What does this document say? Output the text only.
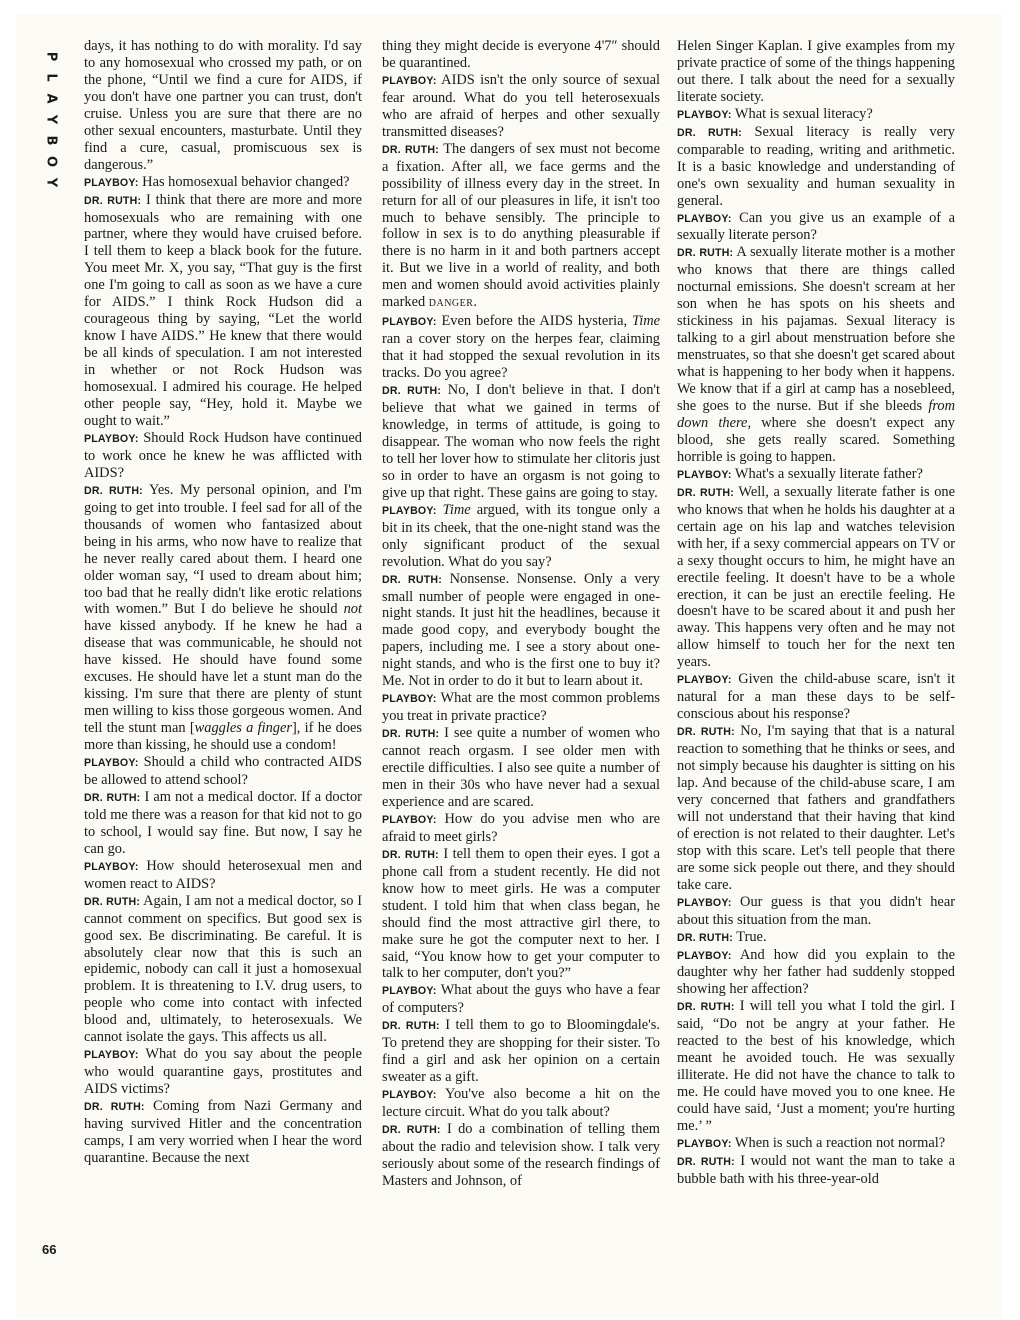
P
L
A
Y
B
O
Y

days, it has nothing to do with morality. I'd say to any homosexual who crossed my path, or on the phone, “Until we find a cure for AIDS, if you don't have one partner you can trust, don't cruise. Unless you are sure that there are no other sexual encounters, masturbate. Until they find a cure, casual, promiscuous sex is dangerous.”

PLAYBOY: Has homosexual behavior changed?

DR. RUTH: I think that there are more and more homosexuals who are remaining with one partner, where they would have cruised before. I tell them to keep a black book for the future. You meet Mr. X, you say, “That guy is the first one I'm going to call as soon as we have a cure for AIDS.” I think Rock Hudson did a courageous thing by saying, “Let the world know I have AIDS.” He knew that there would be all kinds of speculation. I am not interested in whether or not Rock Hudson was homosexual. I admired his courage. He helped other people say, “Hey, hold it. Maybe we ought to wait.”

PLAYBOY: Should Rock Hudson have continued to work once he knew he was afflicted with AIDS?

DR. RUTH: Yes. My personal opinion, and I'm going to get into trouble. I feel sad for all of the thousands of women who fantasized about being in his arms, who now have to realize that he never really cared about them. I heard one older woman say, “I used to dream about him; too bad that he really didn't like erotic relations with women.” But I do believe he should not have kissed anybody. If he knew he had a disease that was communicable, he should not have kissed. He should have found some excuses. He should have let a stunt man do the kissing. I'm sure that there are plenty of stunt men willing to kiss those gorgeous women. And tell the stunt man [waggles a finger], if he does more than kissing, he should use a condom!

PLAYBOY: Should a child who contracted AIDS be allowed to attend school?

DR. RUTH: I am not a medical doctor. If a doctor told me there was a reason for that kid not to go to school, I would say fine. But now, I say he can go.

PLAYBOY: How should heterosexual men and women react to AIDS?

DR. RUTH: Again, I am not a medical doctor, so I cannot comment on specifics. But good sex is good sex. Be discriminating. Be careful. It is absolutely clear now that this is such an epidemic, nobody can call it just a homosexual problem. It is threatening to I.V. drug users, to people who come into contact with infected blood and, ultimately, to heterosexuals. We cannot isolate the gays. This affects us all.

PLAYBOY: What do you say about the people who would quarantine gays, prostitutes and AIDS victims?

DR. RUTH: Coming from Nazi Germany and having survived Hitler and the concentration camps, I am very worried when I hear the word quarantine. Because the next

thing they might decide is everyone 4'7″ should be quarantined.

PLAYBOY: AIDS isn't the only source of sexual fear around. What do you tell heterosexuals who are afraid of herpes and other sexually transmitted diseases?

DR. RUTH: The dangers of sex must not become a fixation. After all, we face germs and the possibility of illness every day in the street. In return for all of our pleasures in life, it isn't too much to behave sensibly. The principle to follow in sex is to do anything pleasurable if there is no harm in it and both partners accept it. But we live in a world of reality, and both men and women should avoid activities plainly marked DANGER.

PLAYBOY: Even before the AIDS hysteria, Time ran a cover story on the herpes fear, claiming that it had stopped the sexual revolution in its tracks. Do you agree?

DR. RUTH: No, I don't believe in that. I don't believe that what we gained in terms of knowledge, in terms of attitude, is going to disappear. The woman who now feels the right to tell her lover how to stimulate her clitoris just so in order to have an orgasm is not going to give up that right. These gains are going to stay.

PLAYBOY: Time argued, with its tongue only a bit in its cheek, that the one-night stand was the only significant product of the sexual revolution. What do you say?

DR. RUTH: Nonsense. Nonsense. Only a very small number of people were engaged in one-night stands. It just hit the headlines, because it made good copy, and everybody bought the papers, including me. I see a story about one-night stands, and who is the first one to buy it? Me. Not in order to do it but to learn about it.

PLAYBOY: What are the most common problems you treat in private practice?

DR. RUTH: I see quite a number of women who cannot reach orgasm. I see older men with erectile difficulties. I also see quite a number of men in their 30s who have never had a sexual experience and are scared.

PLAYBOY: How do you advise men who are afraid to meet girls?

DR. RUTH: I tell them to open their eyes. I got a phone call from a student recently. He did not know how to meet girls. He was a computer student. I told him that when class began, he should find the most attractive girl there, to make sure he got the computer next to her. I said, “You know how to get your computer to talk to her computer, don't you?”

PLAYBOY: What about the guys who have a fear of computers?

DR. RUTH: I tell them to go to Bloomingdale's. To pretend they are shopping for their sister. To find a girl and ask her opinion on a certain sweater as a gift.

PLAYBOY: You've also become a hit on the lecture circuit. What do you talk about?

DR. RUTH: I do a combination of telling them about the radio and television show. I talk very seriously about some of the research findings of Masters and Johnson, of

Helen Singer Kaplan. I give examples from my private practice of some of the things happening out there. I talk about the need for a sexually literate society.

PLAYBOY: What is sexual literacy?

DR. RUTH: Sexual literacy is really very comparable to reading, writing and arithmetic. It is a basic knowledge and understanding of one's own sexuality and human sexuality in general.

PLAYBOY: Can you give us an example of a sexually literate person?

DR. RUTH: A sexually literate mother is a mother who knows that there are things called nocturnal emissions. She doesn't scream at her son when he has spots on his sheets and stickiness in his pajamas. Sexual literacy is talking to a girl about menstruation before she menstruates, so that she doesn't get scared about what is happening to her body when it happens. We know that if a girl at camp has a nosebleed, she goes to the nurse. But if she bleeds from down there, where she doesn't expect any blood, she gets really scared. Something horrible is going to happen.

PLAYBOY: What's a sexually literate father?

DR. RUTH: Well, a sexually literate father is one who knows that when he holds his daughter at a certain age on his lap and watches television with her, if a sexy commercial appears on TV or a sexy thought occurs to him, he might have an erectile feeling. It doesn't have to be a whole erection, it can be just an erectile feeling. He doesn't have to be scared about it and push her away. This happens very often and he may not allow himself to touch her for the next ten years.

PLAYBOY: Given the child-abuse scare, isn't it natural for a man these days to be self-conscious about his response?

DR. RUTH: No, I'm saying that that is a natural reaction to something that he thinks or sees, and not simply because his daughter is sitting on his lap. And because of the child-abuse scare, I am very concerned that fathers and grandfathers will not understand that their having that kind of erection is not related to their daughter. Let's stop with this scare. Let's tell people that there are some sick people out there, and they should take care.

PLAYBOY: Our guess is that you didn't hear about this situation from the man.

DR. RUTH: True.

PLAYBOY: And how did you explain to the daughter why her father had suddenly stopped showing her affection?

DR. RUTH: I will tell you what I told the girl. I said, “Do not be angry at your father. He reacted to the best of his knowledge, which meant he avoided touch. He was sexually illiterate. He did not have the chance to talk to me. He could have moved you to one knee. He could have said, ‘Just a moment; you're hurting me.’ ”

PLAYBOY: When is such a reaction not normal?

DR. RUTH: I would not want the man to take a bubble bath with his three-year-old

66
